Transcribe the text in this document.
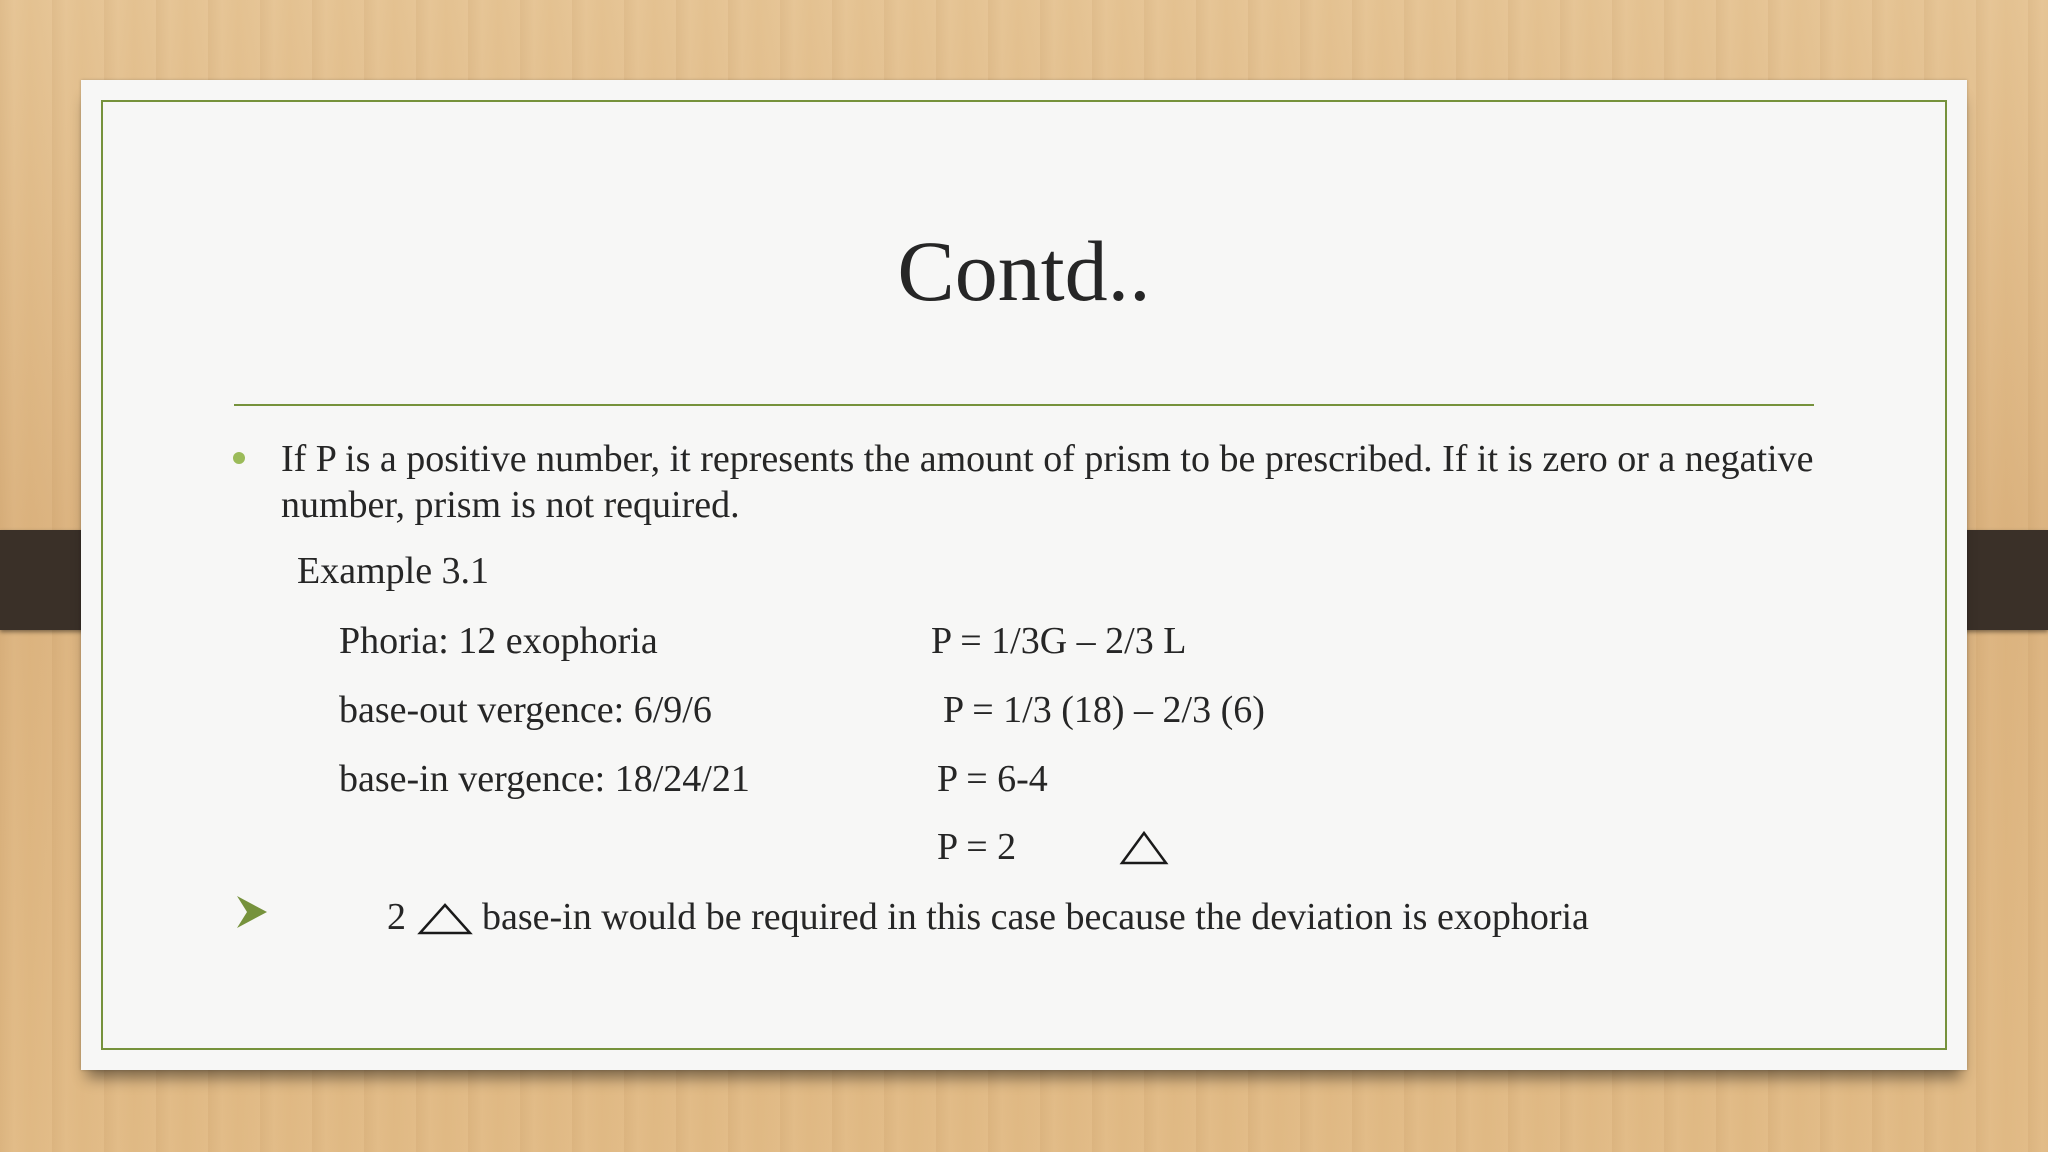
Contd..
If P is a positive number, it represents the amount of prism to be prescribed. If it is zero or a negative number, prism is not required.
Example 3.1
Phoria: 12 exophoria
base-out vergence: 6/9/6
base-in vergence: 18/24/21
P = 1/3G – 2/3 L
P = 1/3 (18) – 2/3 (6)
P = 6-4
P = 2
2 base-in would be required in this case because the deviation is exophoria
